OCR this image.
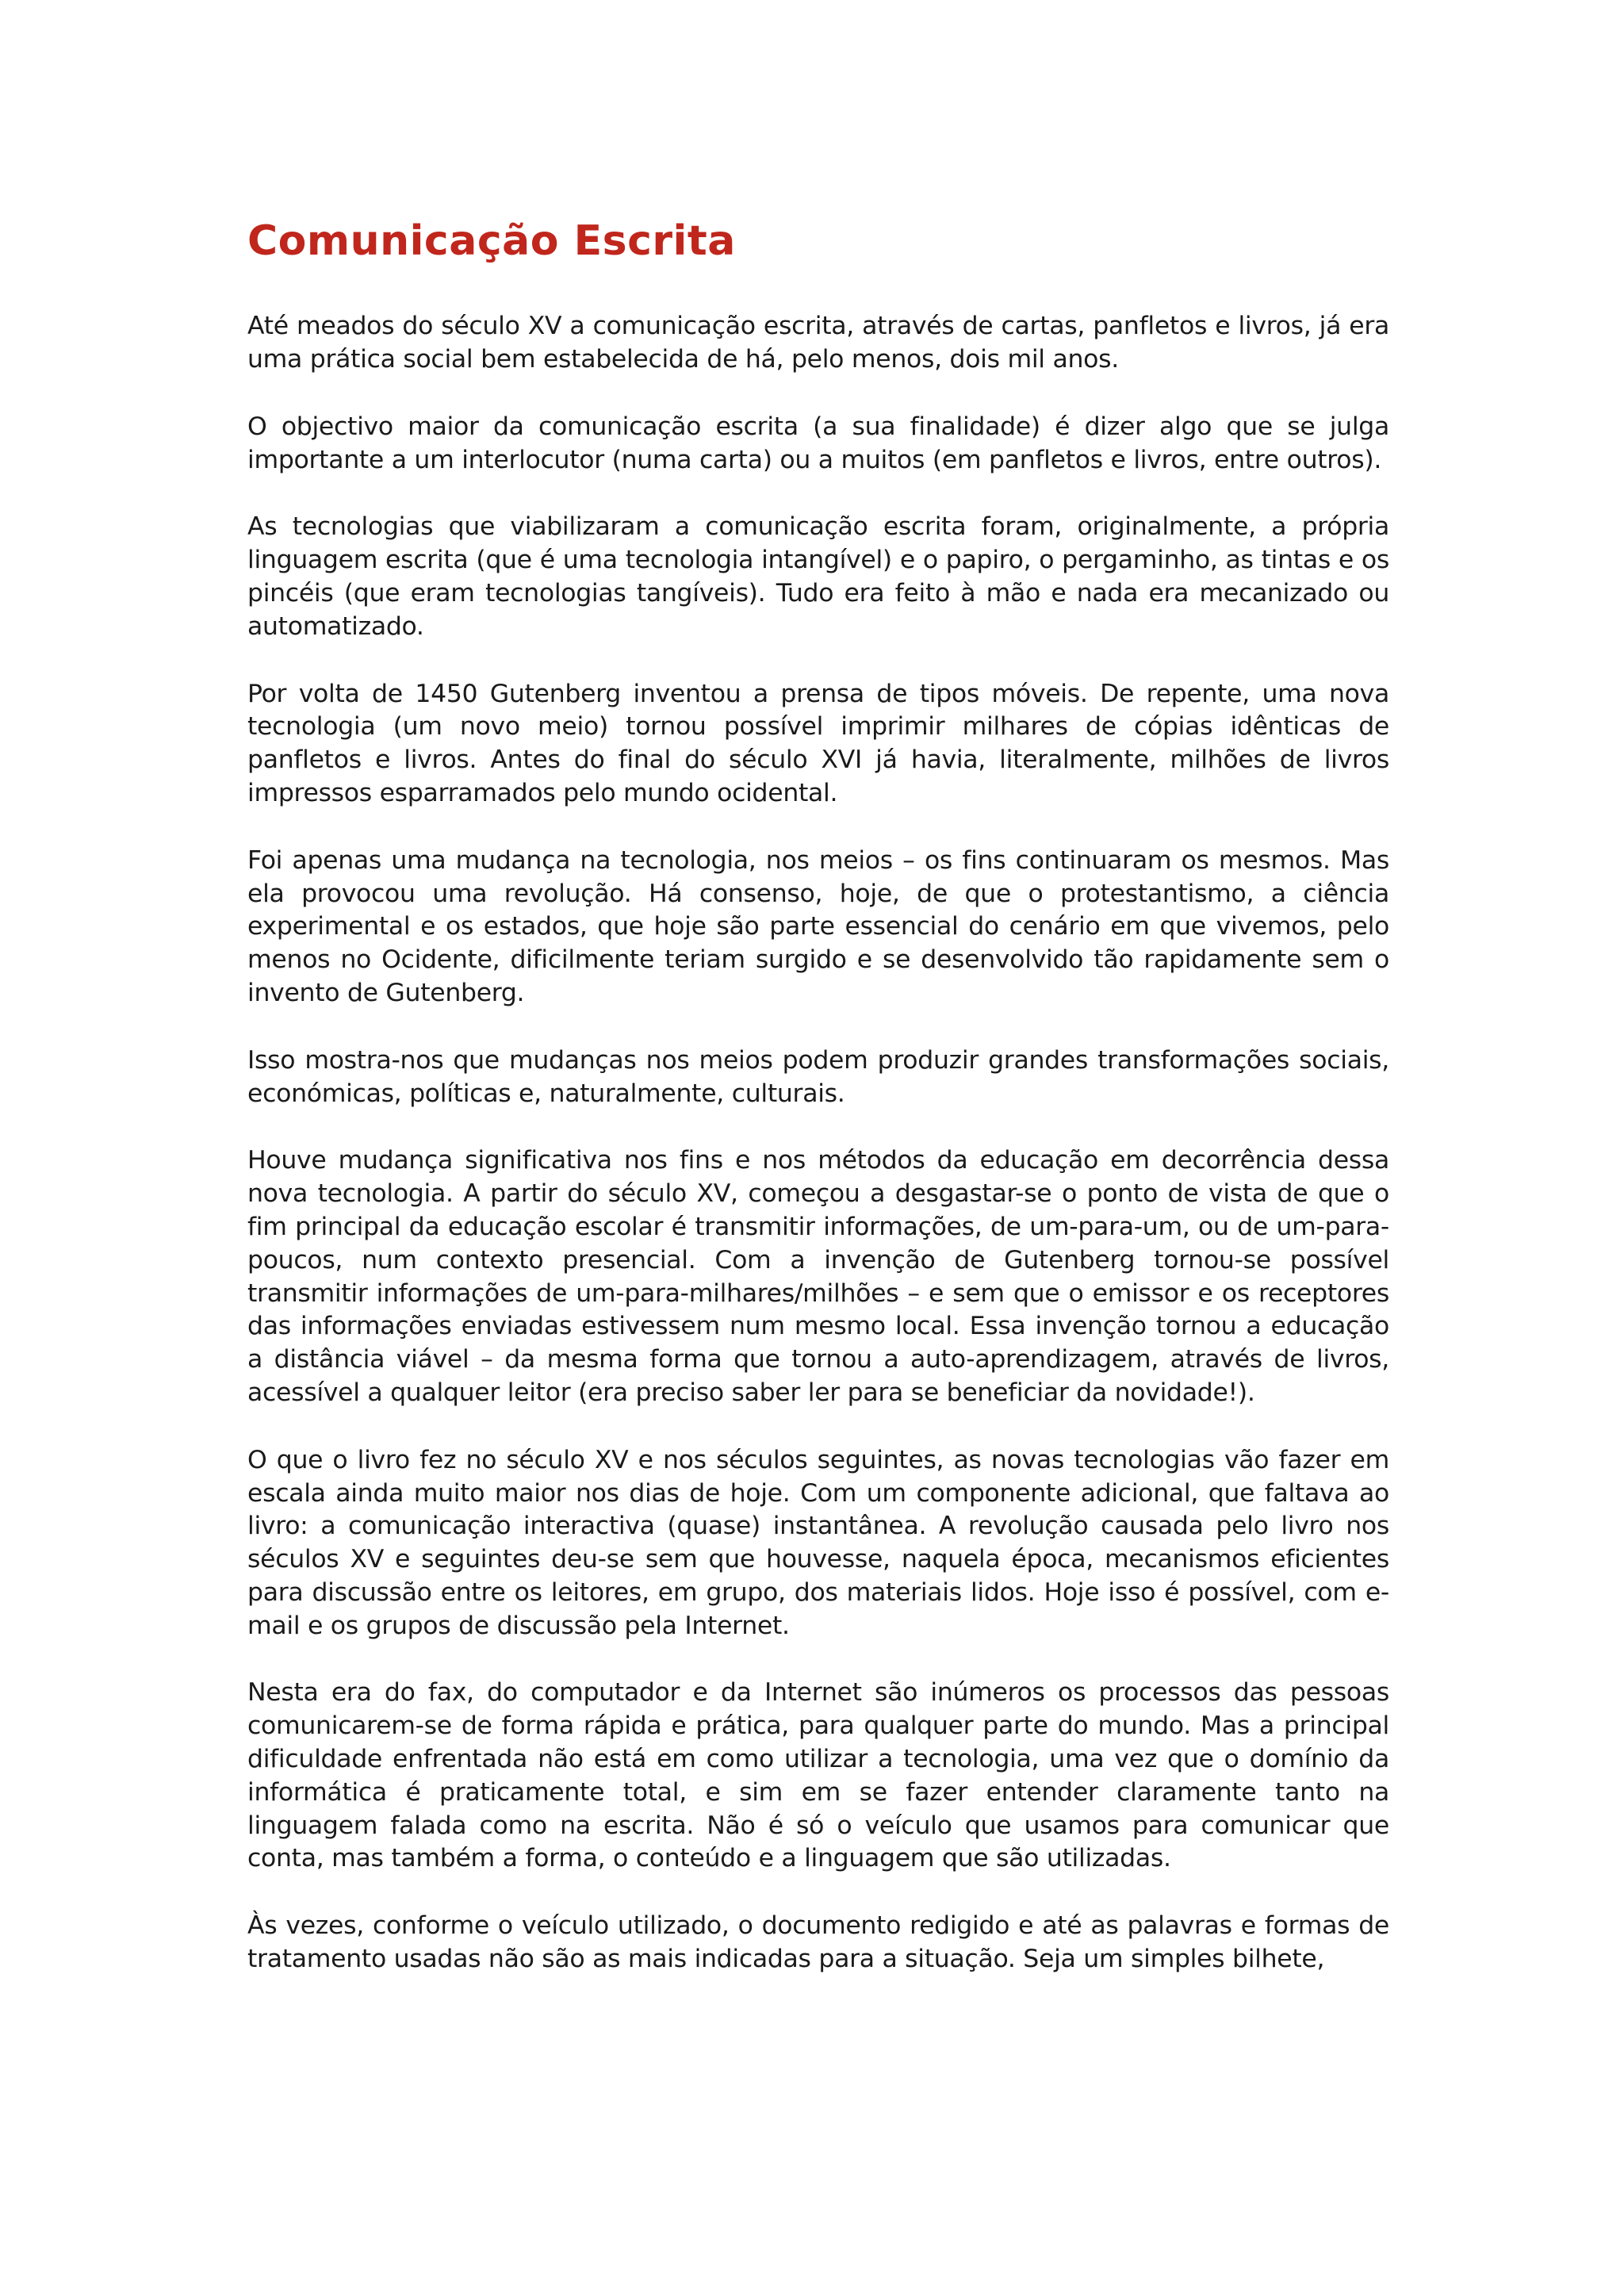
Comunicação Escrita

Até meados do século XV a comunicação escrita, através de cartas, panfletos e livros, já era uma prática social bem estabelecida de há, pelo menos, dois mil anos.

O objectivo maior da comunicação escrita (a sua finalidade) é dizer algo que se julga importante a um interlocutor (numa carta) ou a muitos (em panfletos e livros, entre outros).

As tecnologias que viabilizaram a comunicação escrita foram, originalmente, a própria linguagem escrita (que é uma tecnologia intangível) e o papiro, o pergaminho, as tintas e os pincéis (que eram tecnologias tangíveis). Tudo era feito à mão e nada era mecanizado ou automatizado.

Por volta de 1450 Gutenberg inventou a prensa de tipos móveis. De repente, uma nova tecnologia (um novo meio) tornou possível imprimir milhares de cópias idênticas de panfletos e livros. Antes do final do século XVI já havia, literalmente, milhões de livros impressos esparramados pelo mundo ocidental.

Foi apenas uma mudança na tecnologia, nos meios – os fins continuaram os mesmos. Mas ela provocou uma revolução. Há consenso, hoje, de que o protestantismo, a ciência experimental e os estados, que hoje são parte essencial do cenário em que vivemos, pelo menos no Ocidente, dificilmente teriam surgido e se desenvolvido tão rapidamente sem o invento de Gutenberg.

Isso mostra-nos que mudanças nos meios podem produzir grandes transformações sociais, económicas, políticas e, naturalmente, culturais.

Houve mudança significativa nos fins e nos métodos da educação em decorrência dessa nova tecnologia. A partir do século XV, começou a desgastar-se o ponto de vista de que o fim principal da educação escolar é transmitir informações, de um-para-um, ou de um-para-poucos, num contexto presencial. Com a invenção de Gutenberg tornou-se possível transmitir informações de um-para-milhares/milhões – e sem que o emissor e os receptores das informações enviadas estivessem num mesmo local. Essa invenção tornou a educação a distância viável – da mesma forma que tornou a auto-aprendizagem, através de livros, acessível a qualquer leitor (era preciso saber ler para se beneficiar da novidade!).

O que o livro fez no século XV e nos séculos seguintes, as novas tecnologias vão fazer em escala ainda muito maior nos dias de hoje. Com um componente adicional, que faltava ao livro: a comunicação interactiva (quase) instantânea. A revolução causada pelo livro nos séculos XV e seguintes deu-se sem que houvesse, naquela época, mecanismos eficientes para discussão entre os leitores, em grupo, dos materiais lidos. Hoje isso é possível, com e-mail e os grupos de discussão pela Internet.

Nesta era do fax, do computador e da Internet são inúmeros os processos das pessoas comunicarem-se de forma rápida e prática, para qualquer parte do mundo. Mas a principal dificuldade enfrentada não está em como utilizar a tecnologia, uma vez que o domínio da informática é praticamente total, e sim em se fazer entender claramente tanto na linguagem falada como na escrita. Não é só o veículo que usamos para comunicar que conta, mas também a forma, o conteúdo e a linguagem que são utilizadas.

Às vezes, conforme o veículo utilizado, o documento redigido e até as palavras e formas de tratamento usadas não são as mais indicadas para a situação. Seja um simples bilhete,
